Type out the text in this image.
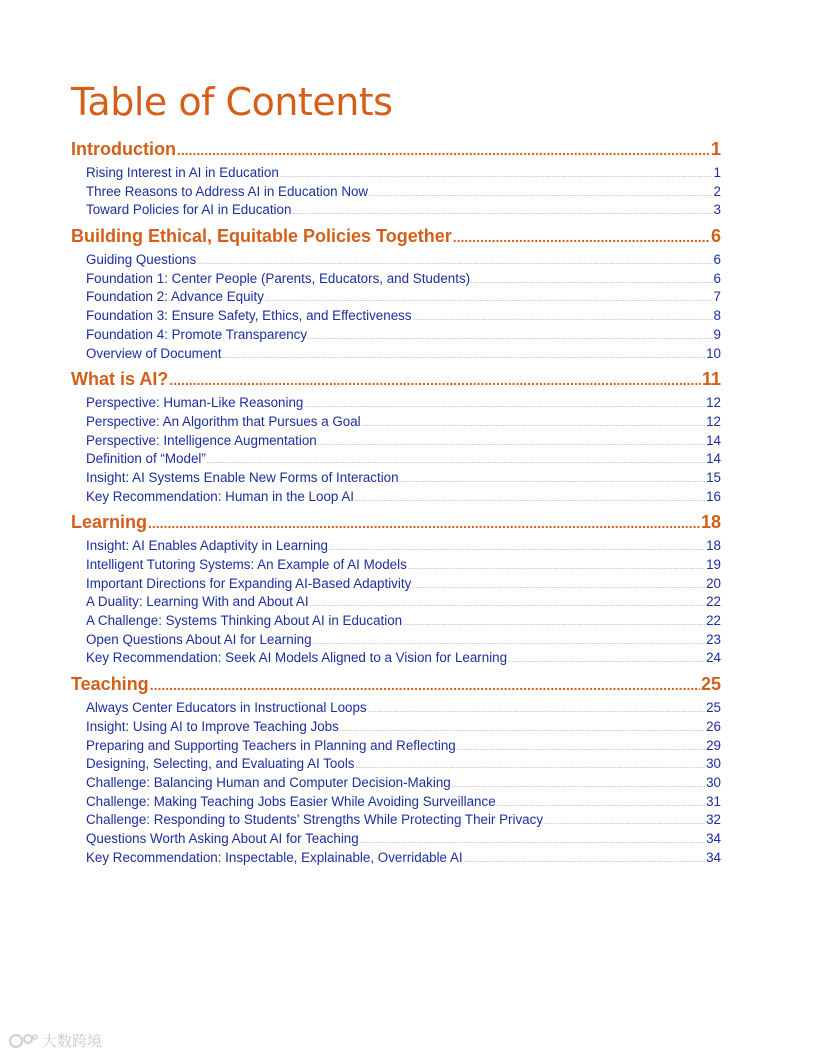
Table of Contents
Introduction .....	1
Rising Interest in AI in Education .....	1
Three Reasons to Address AI in Education Now .....	2
Toward Policies for AI in Education .....	3
Building Ethical, Equitable Policies Together .....	6
Guiding Questions .....	6
Foundation 1: Center People (Parents, Educators, and Students) .....	6
Foundation 2: Advance Equity .....	7
Foundation 3: Ensure Safety, Ethics, and Effectiveness .....	8
Foundation 4: Promote Transparency .....	9
Overview of Document .....	10
What is AI? .....	11
Perspective: Human-Like Reasoning .....	12
Perspective: An Algorithm that Pursues a Goal .....	12
Perspective: Intelligence Augmentation .....	14
Definition of “Model” .....	14
Insight: AI Systems Enable New Forms of Interaction .....	15
Key Recommendation: Human in the Loop AI .....	16
Learning .....	18
Insight: AI Enables Adaptivity in Learning .....	18
Intelligent Tutoring Systems: An Example of AI Models .....	19
Important Directions for Expanding AI-Based Adaptivity .....	20
A Duality: Learning With and About AI .....	22
A Challenge: Systems Thinking About AI in Education .....	22
Open Questions About AI for Learning .....	23
Key Recommendation: Seek AI Models Aligned to a Vision for Learning .....	24
Teaching .....	25
Always Center Educators in Instructional Loops .....	25
Insight: Using AI to Improve Teaching Jobs .....	26
Preparing and Supporting Teachers in Planning and Reflecting .....	29
Designing, Selecting, and Evaluating AI Tools .....	30
Challenge: Balancing Human and Computer Decision-Making .....	30
Challenge: Making Teaching Jobs Easier While Avoiding Surveillance .....	31
Challenge: Responding to Students’ Strengths While Protecting Their Privacy .....	32
Questions Worth Asking About AI for Teaching .....	34
Key Recommendation: Inspectable, Explainable, Overridable AI .....	34
大数跨境
